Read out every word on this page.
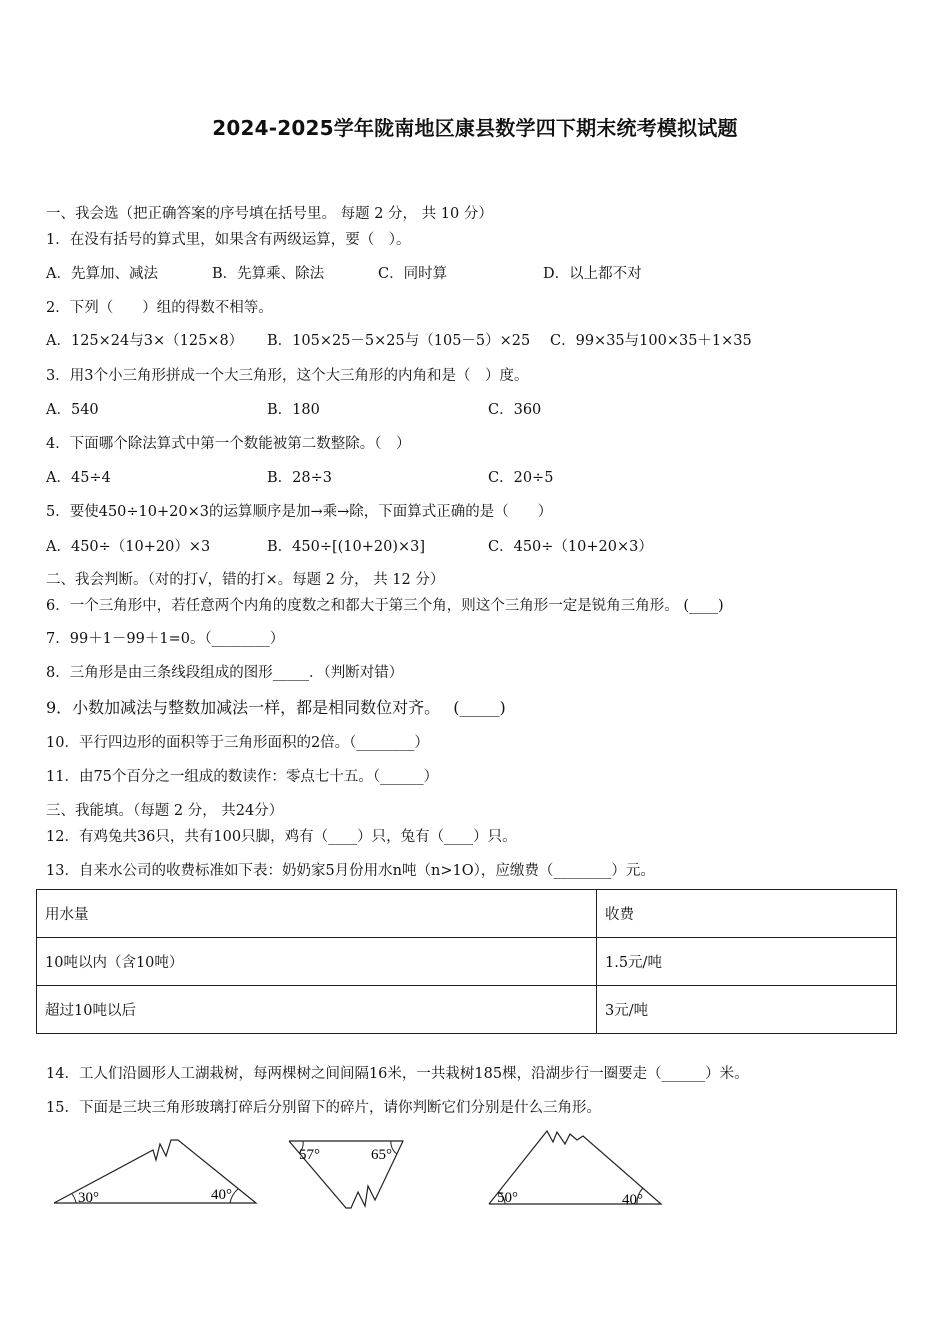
2024-2025学年陇南地区康县数学四下期末统考模拟试题
一、我会选（把正确答案的序号填在括号里。 每题 2 分， 共 10 分）
1．在没有括号的算式里，如果含有两级运算，要（　）。
A．先算加、减法	B．先算乘、除法	C．同时算	D．以上都不对
2．下列（　　）组的得数不相等。
A．125×24与3×（125×8） B．105×25－5×25与（105－5）×25 C．99×35与100×35＋1×35
3．用3个小三角形拼成一个大三角形，这个大三角形的内角和是（　）度。
A．540	B．180	C．360
4．下面哪个除法算式中第一个数能被第二数整除。（　）
A．45÷4	B．28÷3	C．20÷5
5．要使450÷10+20×3的运算顺序是加→乘→除，下面算式正确的是（　　）
A．450÷（10+20）×3	B．450÷[(10+20)×3]	C．450÷（10+20×3）
二、我会判断。（对的打√，错的打×。每题 2 分， 共 12 分）
6．一个三角形中，若任意两个内角的度数之和都大于第三个角，则这个三角形一定是锐角三角形。 (____)
7．99＋1－99＋1=0。（________）
8．三角形是由三条线段组成的图形_____．（判断对错）
9．小数加减法与整数加减法一样，都是相同数位对齐。　 (_____)
10．平行四边形的面积等于三角形面积的2倍。（________）
11．由75个百分之一组成的数读作：零点七十五。（______）
三、我能填。（每题 2 分， 共24分）
12．有鸡兔共36只，共有100只脚，鸡有（____）只，兔有（____）只。
13．自来水公司的收费标准如下表：奶奶家5月份用水n吨（n>1O），应缴费（________）元。
用水量	收费
10吨以内（含10吨）	1.5元/吨
超过10吨以后	3元/吨
14．工人们沿圆形人工湖栽树，每两棵树之间间隔16米，一共栽树185棵，沿湖步行一圈要走（______）米。
15．下面是三块三角形玻璃打碎后分别留下的碎片，请你判断它们分别是什么三角形。
30°	40°
57°	65°
50°	40°
